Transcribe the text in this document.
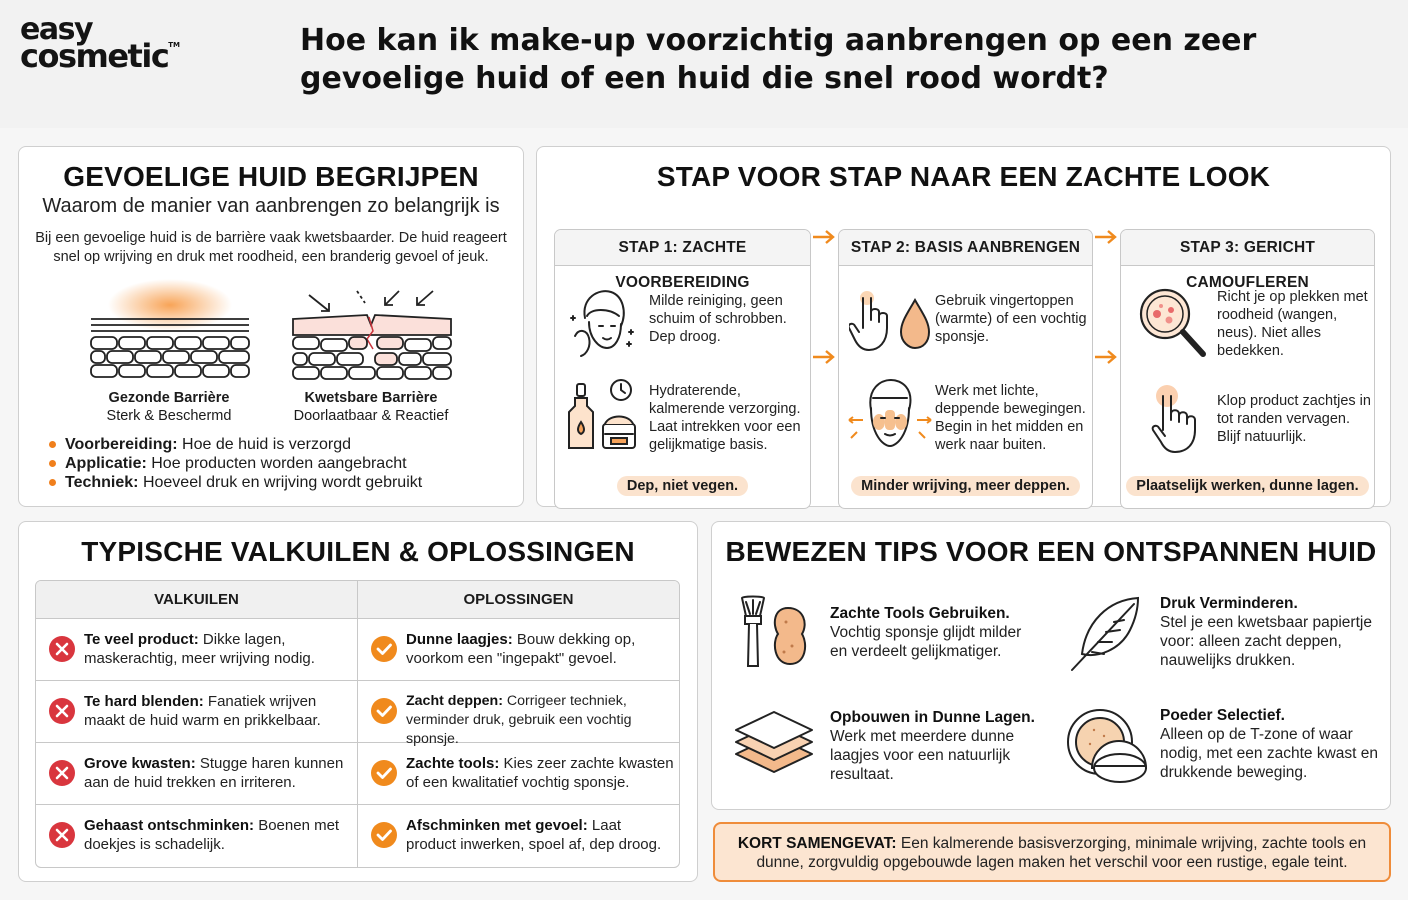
easy
cosmetic™	Hoe kan ik make-up voorzichtig aanbrengen op een zeer gevoelige huid of een huid die snel rood wordt?
GEVOELIGE HUID BEGRIJPEN
Waarom de manier van aanbrengen zo belangrijk is
Bij een gevoelige huid is de barrière vaak kwetsbaarder. De huid reageert snel op wrijving en druk met roodheid, een branderig gevoel of jeuk.
Gezonde Barrière
Sterk & Beschermd
Kwetsbare Barrière
Doorlaatbaar & Reactief
Voorbereiding: Hoe de huid is verzorgd
Applicatie: Hoe producten worden aangebracht
Techniek: Hoeveel druk en wrijving wordt gebruikt
STAP VOOR STAP NAAR EEN ZACHTE LOOK
STAP 1: ZACHTE VOORBEREIDING
Milde reiniging, geen schuim of schrobben. Dep droog.
Hydraterende, kalmerende verzorging. Laat intrekken voor een gelijkmatige basis.
Dep, niet vegen.
STAP 2: BASIS AANBRENGEN
Gebruik vingertoppen (warmte) of een vochtig sponsje.
Werk met lichte, deppende bewegingen. Begin in het midden en werk naar buiten.
Minder wrijving, meer deppen.
STAP 3: GERICHT CAMOUFLEREN
Richt je op plekken met roodheid (wangen, neus). Niet alles bedekken.
Klop product zachtjes in tot randen vervagen. Blijf natuurlijk.
Plaatselijk werken, dunne lagen.
TYPISCHE VALKUILEN & OPLOSSINGEN
VALKUILEN	OPLOSSINGEN
Te veel product: Dikke lagen, maskerachtig, meer wrijving nodig.
Dunne laagjes: Bouw dekking op, voorkom een "ingepakt" gevoel.
Te hard blenden: Fanatiek wrijven maakt de huid warm en prikkelbaar.
Zacht deppen: Corrigeer techniek, verminder druk, gebruik een vochtig sponsje.
Grove kwasten: Stugge haren kunnen aan de huid trekken en irriteren.
Zachte tools: Kies zeer zachte kwasten of een kwalitatief vochtig sponsje.
Gehaast ontschminken: Boenen met doekjes is schadelijk.
Afschminken met gevoel: Laat product inwerken, spoel af, dep droog.
BEWEZEN TIPS VOOR EEN ONTSPANNEN HUID
Zachte Tools Gebruiken.
Vochtig sponsje glijdt milder en verdeelt gelijkmatiger.
Druk Verminderen.
Stel je een kwetsbaar papiertje voor: alleen zacht deppen, nauwelijks drukken.
Opbouwen in Dunne Lagen.
Werk met meerdere dunne laagjes voor een natuurlijk resultaat.
Poeder Selectief.
Alleen op de T-zone of waar nodig, met een zachte kwast en drukkende beweging.
KORT SAMENGEVAT: Een kalmerende basisverzorging, minimale wrijving, zachte tools en dunne, zorgvuldig opgebouwde lagen maken het verschil voor een rustige, egale teint.
